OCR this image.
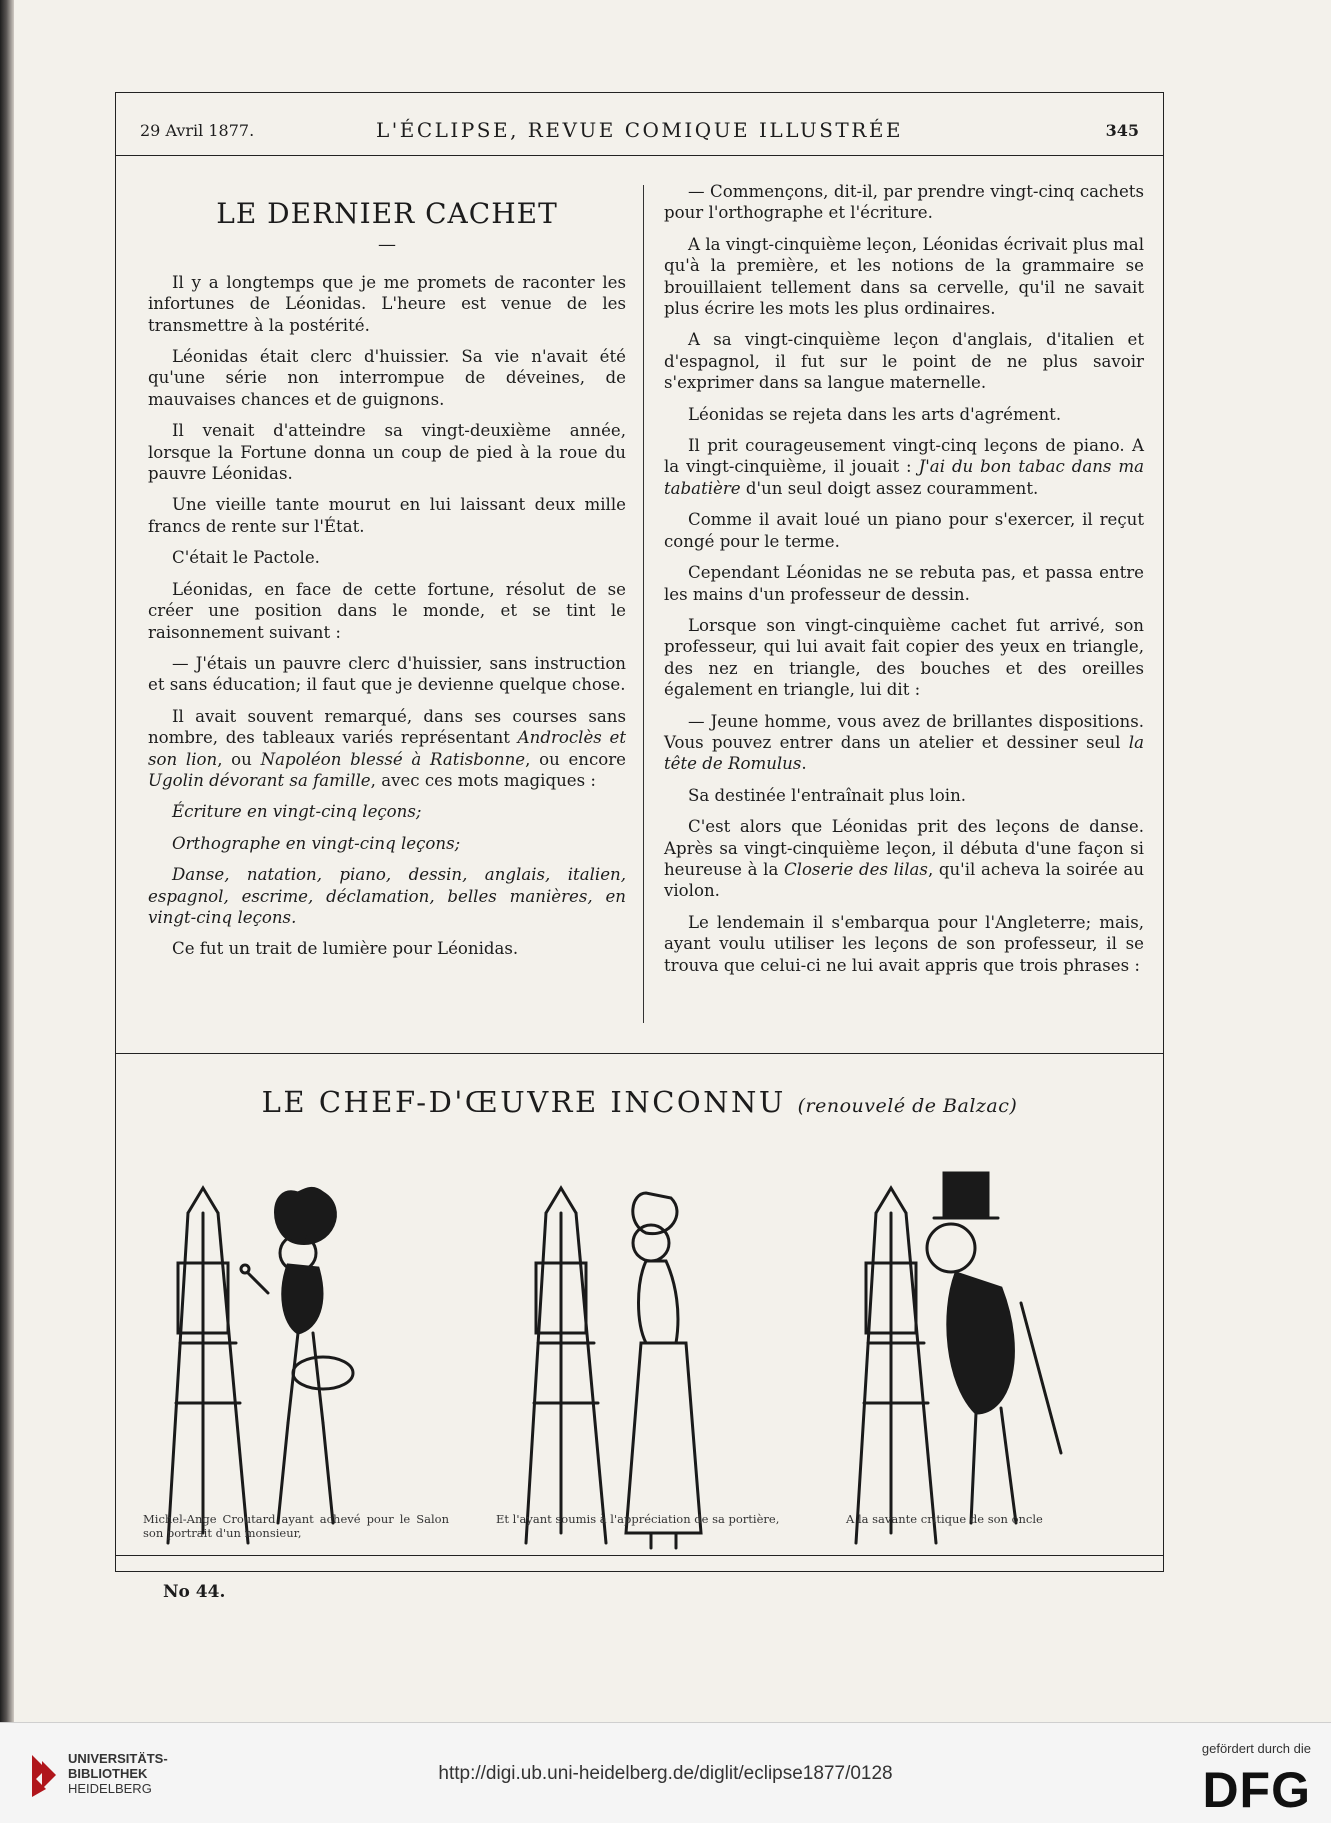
29 Avril 1877.	L'ÉCLIPSE, REVUE COMIQUE ILLUSTRÉE	345
LE DERNIER CACHET
—

Il y a longtemps que je me promets de raconter les infortunes de Léonidas. L'heure est venue de les transmettre à la postérité.

Léonidas était clerc d'huissier. Sa vie n'avait été qu'une série non interrompue de déveines, de mauvaises chances et de guignons.

Il venait d'atteindre sa vingt-deuxième année, lorsque la Fortune donna un coup de pied à la roue du pauvre Léonidas.

Une vieille tante mourut en lui laissant deux mille francs de rente sur l'État.

C'était le Pactole.

Léonidas, en face de cette fortune, résolut de se créer une position dans le monde, et se tint le raisonnement suivant :

— J'étais un pauvre clerc d'huissier, sans instruction et sans éducation; il faut que je devienne quelque chose.

Il avait souvent remarqué, dans ses courses sans nombre, des tableaux variés représentant Androclès et son lion, ou Napoléon blessé à Ratisbonne, ou encore Ugolin dévorant sa famille, avec ces mots magiques :

Écriture en vingt-cinq leçons;

Orthographe en vingt-cinq leçons;

Danse, natation, piano, dessin, anglais, italien, espagnol, escrime, déclamation, belles manières, en vingt-cinq leçons.

Ce fut un trait de lumière pour Léonidas.

— Commençons, dit-il, par prendre vingt-cinq cachets pour l'orthographe et l'écriture.

A la vingt-cinquième leçon, Léonidas écrivait plus mal qu'à la première, et les notions de la grammaire se brouillaient tellement dans sa cervelle, qu'il ne savait plus écrire les mots les plus ordinaires.

A sa vingt-cinquième leçon d'anglais, d'italien et d'espagnol, il fut sur le point de ne plus savoir s'exprimer dans sa langue maternelle.

Léonidas se rejeta dans les arts d'agrément.

Il prit courageusement vingt-cinq leçons de piano. A la vingt-cinquième, il jouait : J'ai du bon tabac dans ma tabatière d'un seul doigt assez couramment.

Comme il avait loué un piano pour s'exercer, il reçut congé pour le terme.

Cependant Léonidas ne se rebuta pas, et passa entre les mains d'un professeur de dessin.

Lorsque son vingt-cinquième cachet fut arrivé, son professeur, qui lui avait fait copier des yeux en triangle, des nez en triangle, des bouches et des oreilles également en triangle, lui dit :

— Jeune homme, vous avez de brillantes dispositions. Vous pouvez entrer dans un atelier et dessiner seul la tête de Romulus.

Sa destinée l'entraînait plus loin.

C'est alors que Léonidas prit des leçons de danse. Après sa vingt-cinquième leçon, il débuta d'une façon si heureuse à la Closerie des lilas, qu'il acheva la soirée au violon.

Le lendemain il s'embarqua pour l'Angleterre; mais, ayant voulu utiliser les leçons de son professeur, il se trouva que celui-ci ne lui avait appris que trois phrases :

LE CHEF-D'ŒUVRE INCONNU (renouvelé de Balzac)
Michel-Ange Croutard ayant achevé pour le Salon son portrait d'un monsieur,
Et l'ayant soumis à l'appréciation de sa portière,	A la savante critique de son oncle
No 44.
UNIVERSITÄTS-
BIBLIOTHEK
HEIDELBERG
http://digi.ub.uni-heidelberg.de/diglit/eclipse1877/0128
gefördert durch die
DFG
